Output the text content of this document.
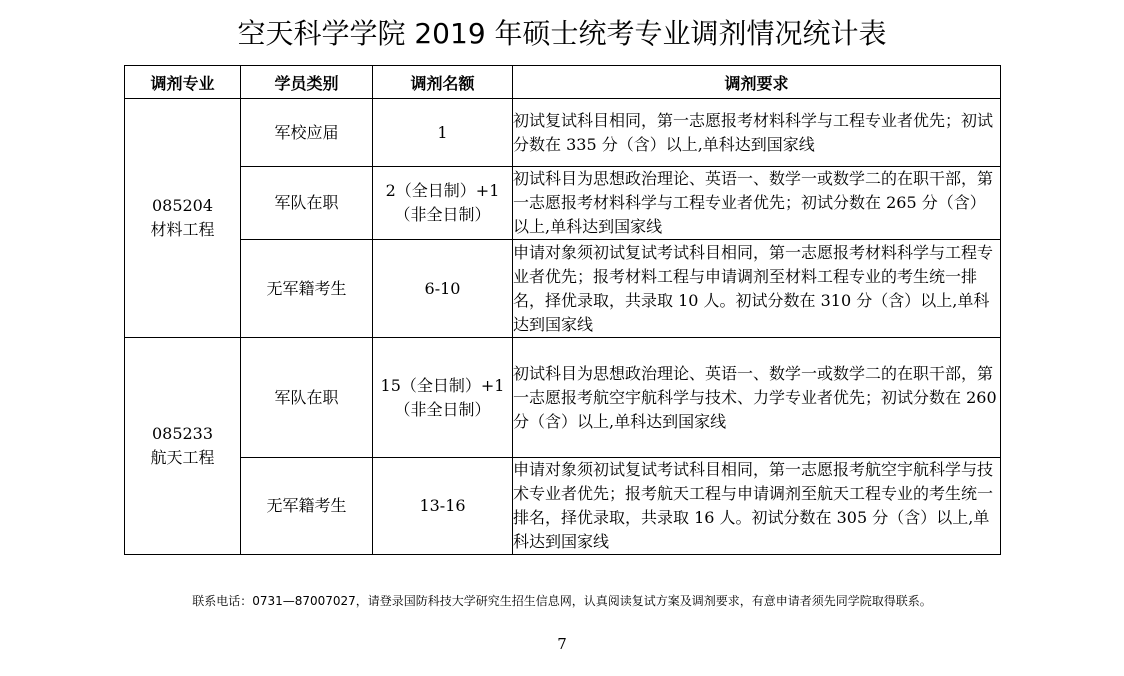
空天科学学院 2019 年硕士统考专业调剂情况统计表
调剂专业	学员类别	调剂名额	调剂要求

085204
材料工程	军校应届	1	初试复试科目相同，第一志愿报考材料科学与工程专业者优先；初试分数在 335 分（含）以上,单科达到国家线
	军队在职	2（全日制）+1
（非全日制）	初试科目为思想政治理论、英语一、数学一或数学二的在职干部，第一志愿报考材料科学与工程专业者优先；初试分数在 265 分（含）以上,单科达到国家线
	无军籍考生	6-10	申请对象须初试复试考试科目相同，第一志愿报考材料科学与工程专业者优先；报考材料工程与申请调剂至材料工程专业的考生统一排名，择优录取，共录取 10 人。初试分数在 310 分（含）以上,单科达到国家线

085233
航天工程	军队在职	15（全日制）+1
（非全日制）	初试科目为思想政治理论、英语一、数学一或数学二的在职干部，第一志愿报考航空宇航科学与技术、力学专业者优先；初试分数在 260 分（含）以上,单科达到国家线
	无军籍考生	13-16	申请对象须初试复试考试科目相同，第一志愿报考航空宇航科学与技术专业者优先；报考航天工程与申请调剂至航天工程专业的考生统一排名，择优录取，共录取 16 人。初试分数在 305 分（含）以上,单科达到国家线
联系电话：0731—87007027，请登录国防科技大学研究生招生信息网，认真阅读复试方案及调剂要求，有意申请者须先同学院取得联系。
7
